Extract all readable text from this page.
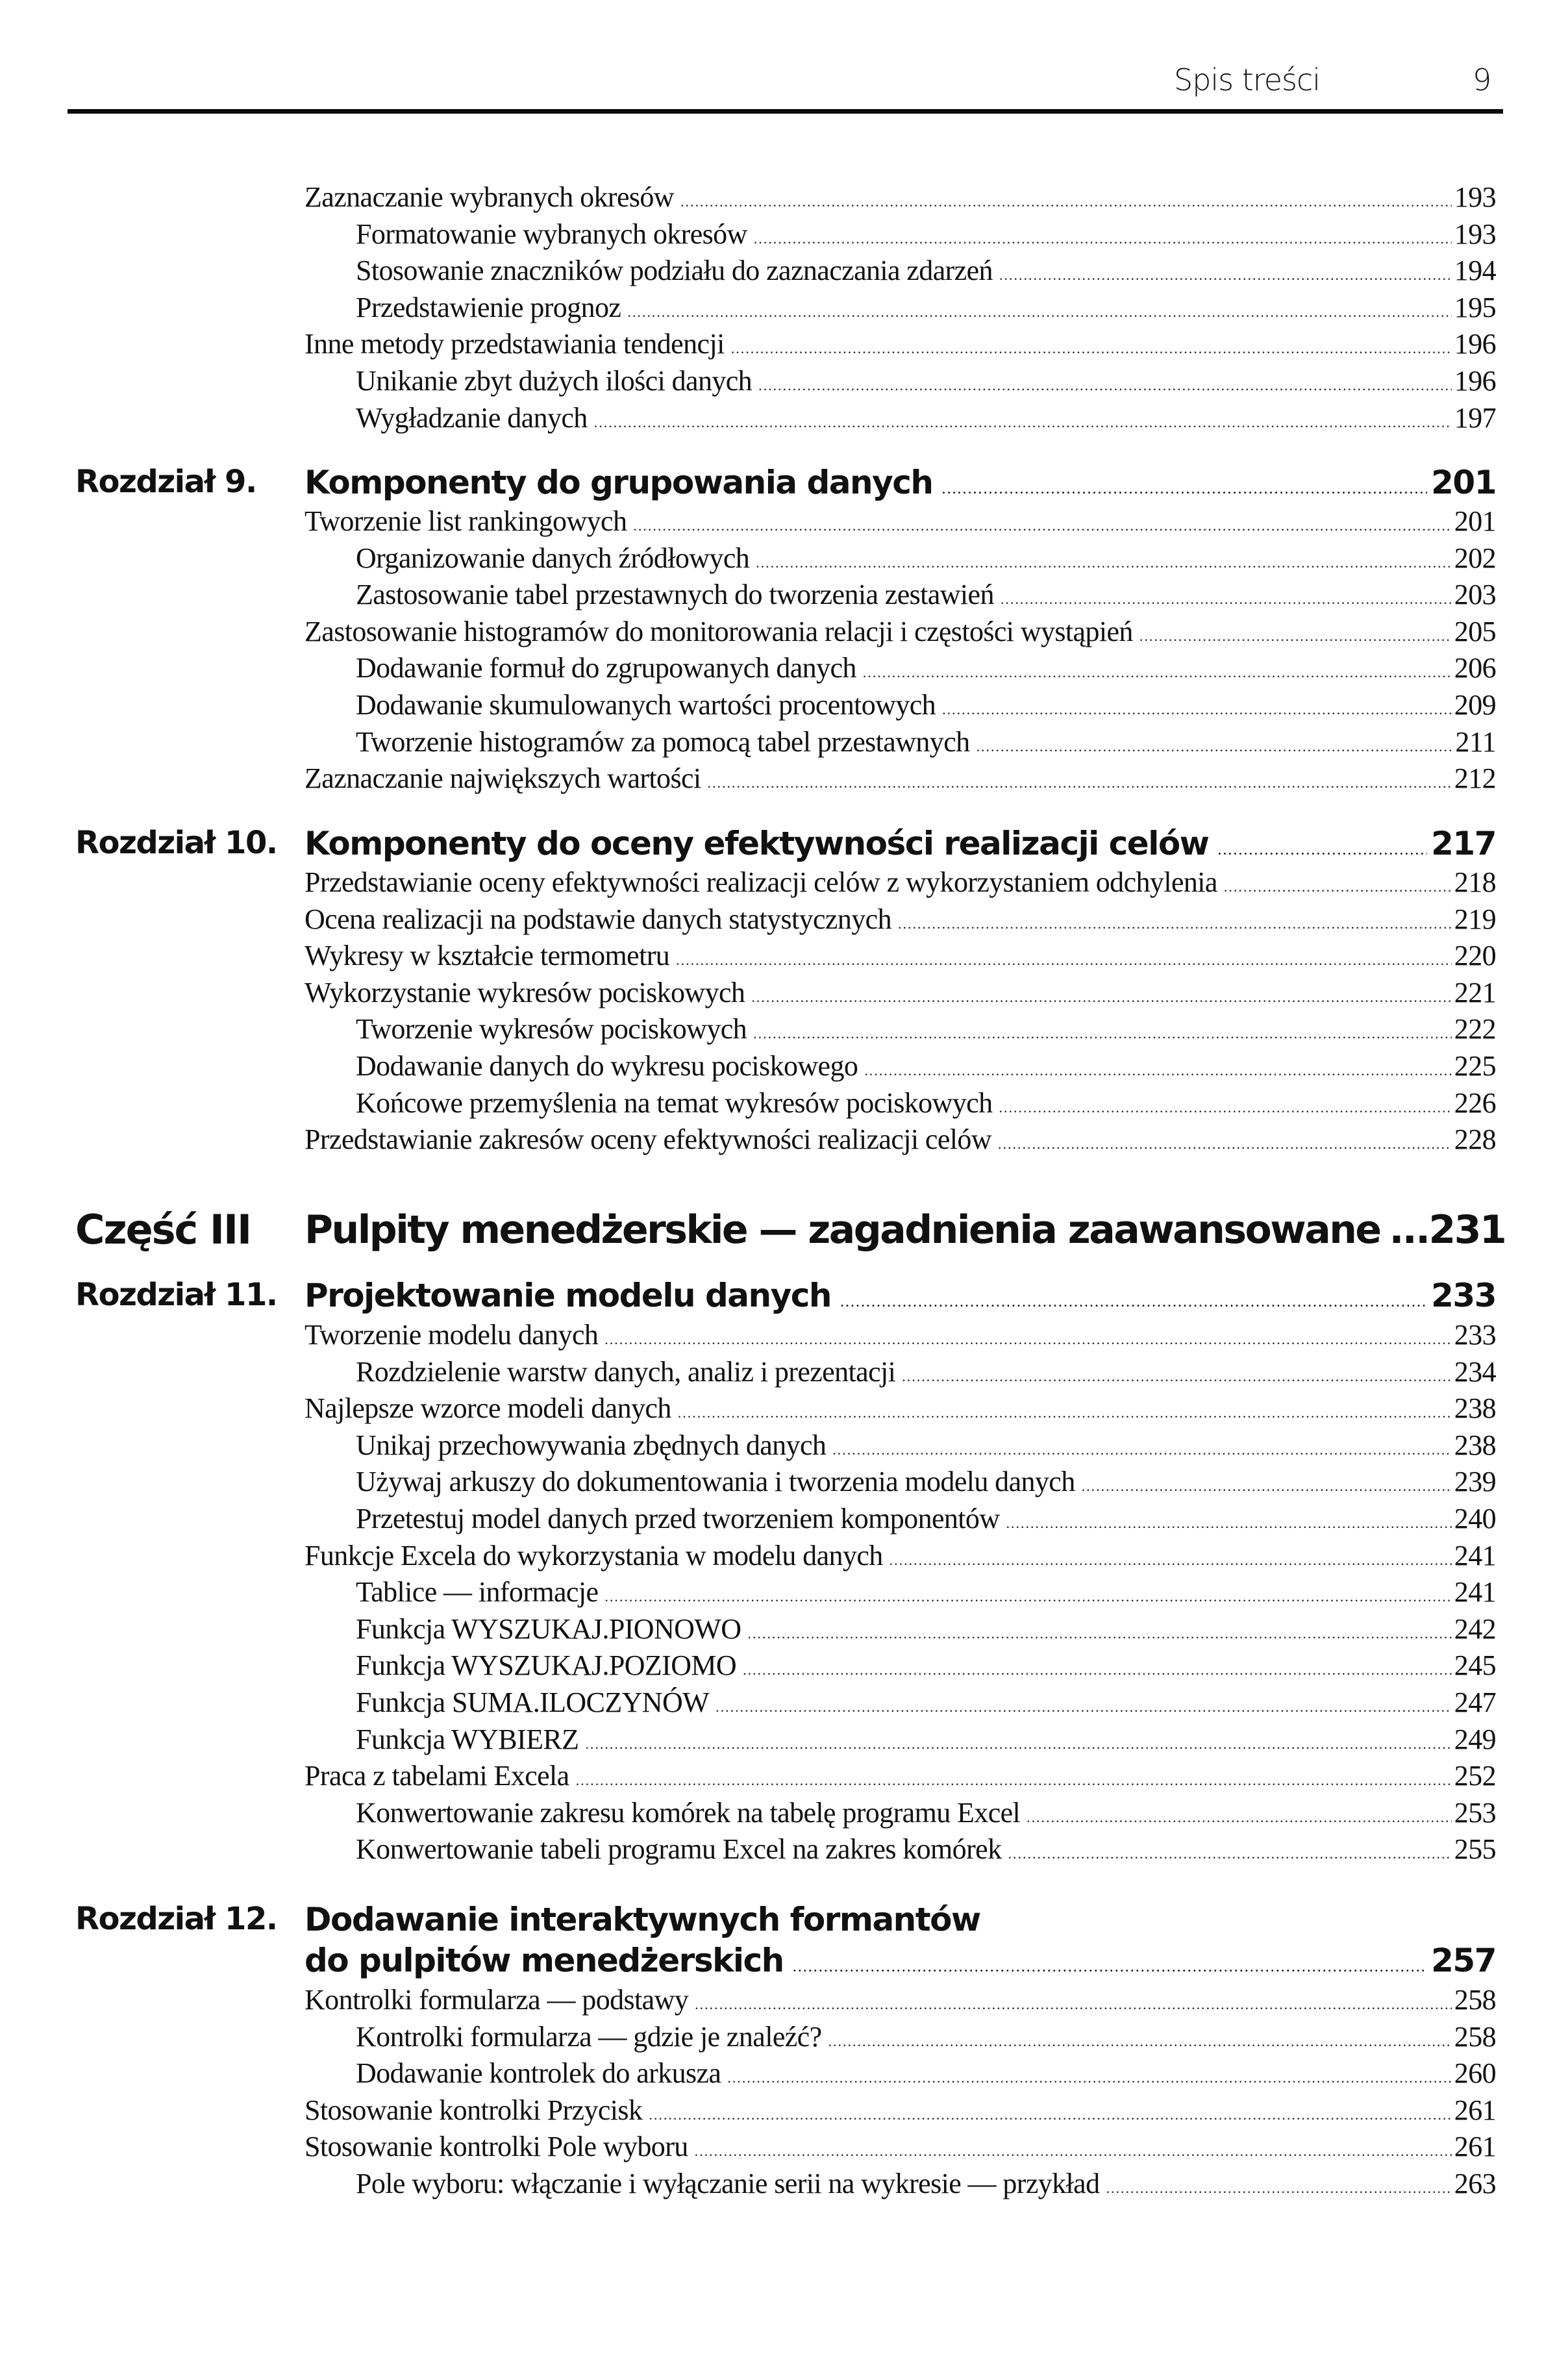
Spis treści	9
Zaznaczanie wybranych okresów .....	193
Formatowanie wybranych okresów .....	193
Stosowanie znaczników podziału do zaznaczania zdarzeń .....	194
Przedstawienie prognoz .....	195
Inne metody przedstawiania tendencji .....	196
Unikanie zbyt dużych ilości danych .....	196
Wygładzanie danych .....	197
Rozdział 9. Komponenty do grupowania danych .....	201
Tworzenie list rankingowych .....	201
Organizowanie danych źródłowych .....	202
Zastosowanie tabel przestawnych do tworzenia zestawień .....	203
Zastosowanie histogramów do monitorowania relacji i częstości wystąpień .....	205
Dodawanie formuł do zgrupowanych danych .....	206
Dodawanie skumulowanych wartości procentowych .....	209
Tworzenie histogramów za pomocą tabel przestawnych .....	211
Zaznaczanie największych wartości .....	212
Rozdział 10. Komponenty do oceny efektywności realizacji celów .....	217
Przedstawianie oceny efektywności realizacji celów z wykorzystaniem odchylenia .....	218
Ocena realizacji na podstawie danych statystycznych .....	219
Wykresy w kształcie termometru .....	220
Wykorzystanie wykresów pociskowych .....	221
Tworzenie wykresów pociskowych .....	222
Dodawanie danych do wykresu pociskowego .....	225
Końcowe przemyślenia na temat wykresów pociskowych .....	226
Przedstawianie zakresów oceny efektywności realizacji celów .....	228
Część III Pulpity menedżerskie — zagadnienia zaawansowane ... 231
Rozdział 11. Projektowanie modelu danych .....	233
Tworzenie modelu danych .....	233
Rozdzielenie warstw danych, analiz i prezentacji .....	234
Najlepsze wzorce modeli danych .....	238
Unikaj przechowywania zbędnych danych .....	238
Używaj arkuszy do dokumentowania i tworzenia modelu danych .....	239
Przetestuj model danych przed tworzeniem komponentów .....	240
Funkcje Excela do wykorzystania w modelu danych .....	241
Tablice — informacje .....	241
Funkcja WYSZUKAJ.PIONOWO .....	242
Funkcja WYSZUKAJ.POZIOMO .....	245
Funkcja SUMA.ILOCZYNÓW .....	247
Funkcja WYBIERZ .....	249
Praca z tabelami Excela .....	252
Konwertowanie zakresu komórek na tabelę programu Excel .....	253
Konwertowanie tabeli programu Excel na zakres komórek .....	255
Rozdział 12. Dodawanie interaktywnych formantów
do pulpitów menedżerskich .....	257
Kontrolki formularza — podstawy .....	258
Kontrolki formularza — gdzie je znaleźć? .....	258
Dodawanie kontrolek do arkusza .....	260
Stosowanie kontrolki Przycisk .....	261
Stosowanie kontrolki Pole wyboru .....	261
Pole wyboru: włączanie i wyłączanie serii na wykresie — przykład .....	263
